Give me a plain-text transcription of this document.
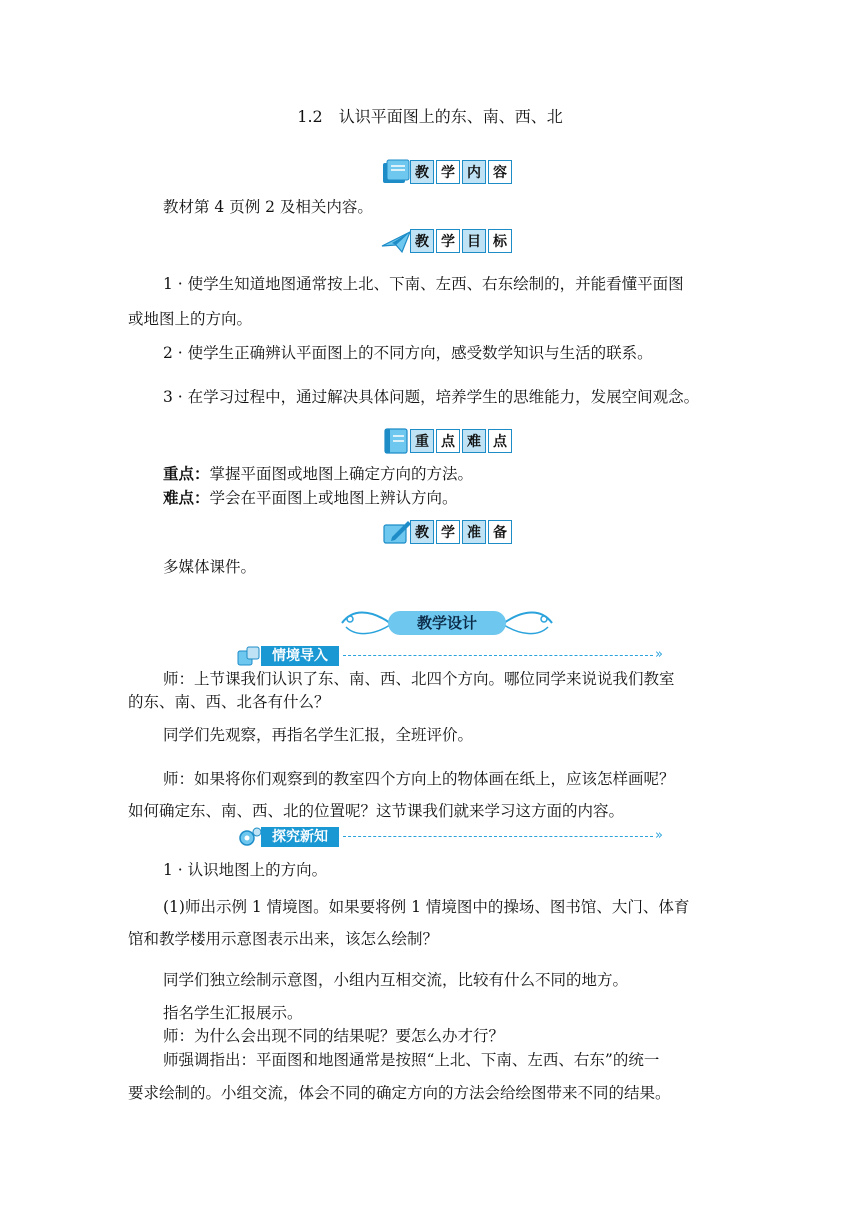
1.2 认识平面图上的东、南、西、北
教 学 内 容
教材第 4 页例 2 及相关内容。
教 学 目 标
1 · 使学生知道地图通常按上北、下南、左西、右东绘制的，并能看懂平面图
或地图上的方向。
2 · 使学生正确辨认平面图上的不同方向，感受数学知识与生活的联系。
3 · 在学习过程中，通过解决具体问题，培养学生的思维能力，发展空间观念。
重 点 难 点
重点：掌握平面图或地图上确定方向的方法。
难点：学会在平面图上或地图上辨认方向。
教 学 准 备
多媒体课件。
教学设计
情境导入	»
师：上节课我们认识了东、南、西、北四个方向。哪位同学来说说我们教室
的东、南、西、北各有什么？
同学们先观察，再指名学生汇报，全班评价。
师：如果将你们观察到的教室四个方向上的物体画在纸上，应该怎样画呢？
如何确定东、南、西、北的位置呢？这节课我们就来学习这方面的内容。
探究新知	»
1 · 认识地图上的方向。
(1)师出示例 1 情境图。如果要将例 1 情境图中的操场、图书馆、大门、体育
馆和教学楼用示意图表示出来，该怎么绘制？
同学们独立绘制示意图，小组内互相交流，比较有什么不同的地方。
指名学生汇报展示。
师：为什么会出现不同的结果呢？要怎么办才行？
师强调指出：平面图和地图通常是按照“上北、下南、左西、右东”的统一
要求绘制的。小组交流，体会不同的确定方向的方法会给绘图带来不同的结果。
